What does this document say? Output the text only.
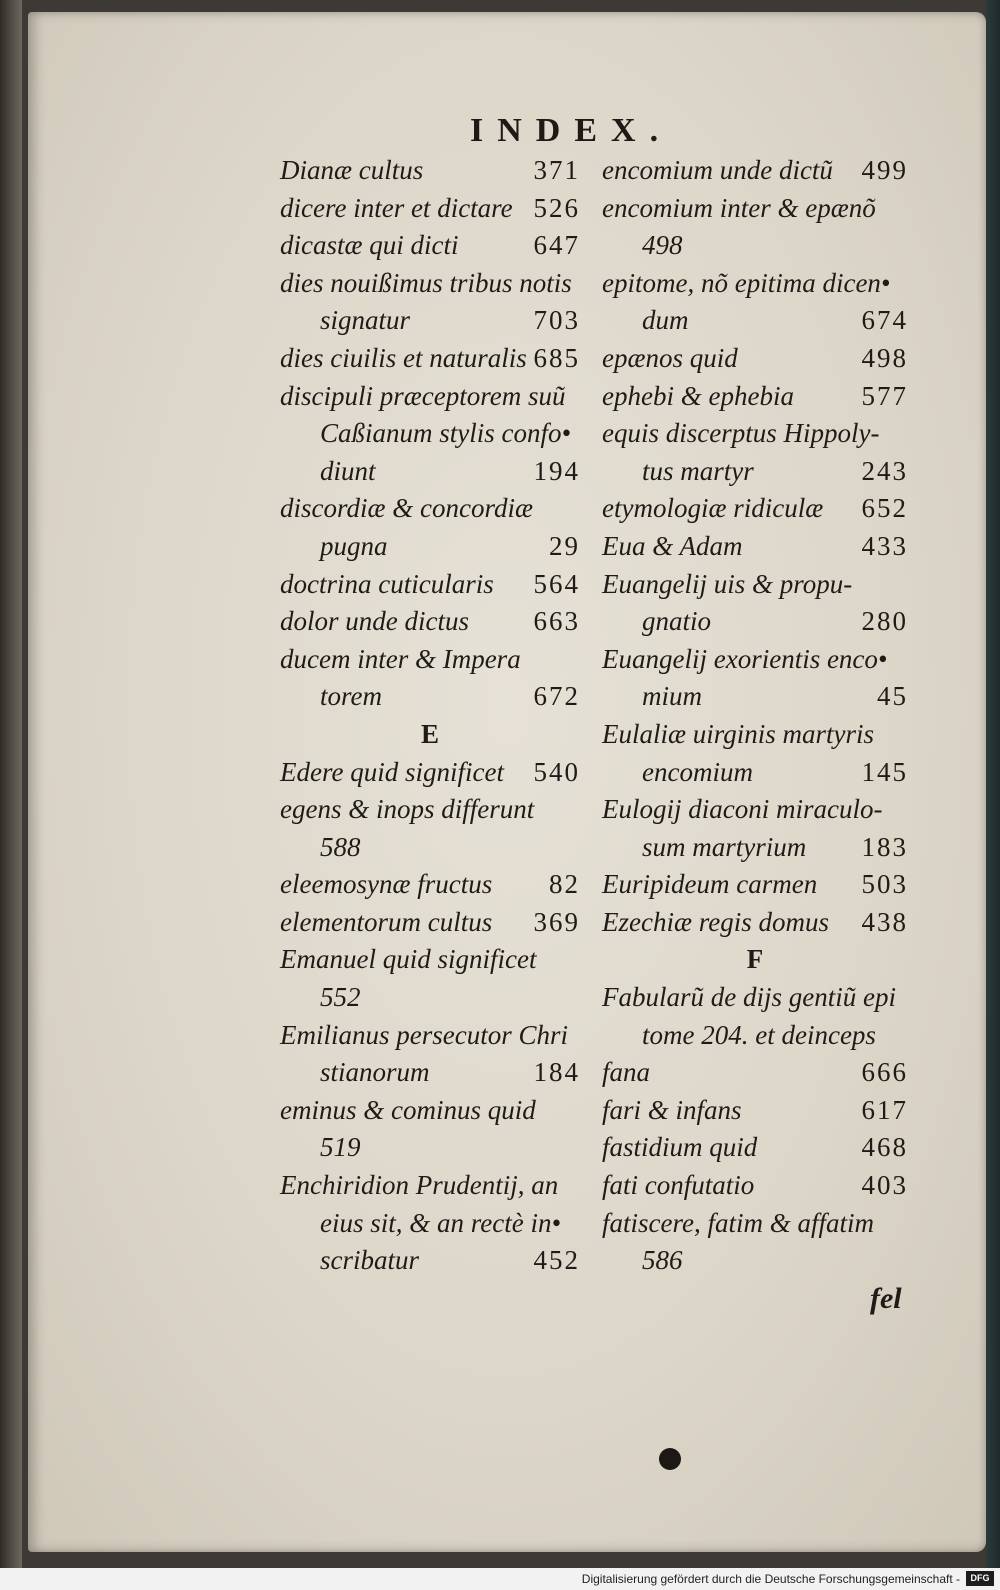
INDEX.
Dianæ cultus	371
dicere inter et dictare 526
dicastæ qui dicti	647
dies nouißimus tribus notis
signatur	703
dies ciuilis et naturalis 685
discipuli præceptorem suũ
Caßianum stylis confo•
diunt	194
discordiæ & concordiæ
pugna	29
doctrina cuticularis 564
dolor unde dictus 663
ducem inter & Impera
torem	672
E
Edere quid significet 540
egens & inops differunt
588
eleemosynæ fructus 82
elementorum cultus 369
Emanuel quid significet
552
Emilianus persecutor Chri
stianorum	184
eminus & cominus quid
519
Enchiridion Prudentij, an
eius sit, & an rectè in•
scribatur	452
encomium unde dictũ 499
encomium inter & epænõ
498
epitome, nõ epitima dicen•
dum	674
epænos quid	498
ephebi & ephebia	577
equis discerptus Hippoly-
tus martyr	243
etymologiæ ridiculæ 652
Eua & Adam	433
Euangelij uis & propu-
gnatio	280
Euangelij exorientis enco•
mium	45
Eulaliæ uirginis martyris
encomium	145
Eulogij diaconi miraculo-
sum martyrium 183
Euripideum carmen 503
Ezechiæ regis domus 438
F
Fabularũ de dijs gentiũ epi
tome 204. et deinceps
fana	666
fari & infans	617
fastidium quid	468
fati confutatio	403
fatiscere, fatim & affatim
586
fel
Digitalisierung gefördert durch die Deutsche Forschungsgemeinschaft -	DFG
